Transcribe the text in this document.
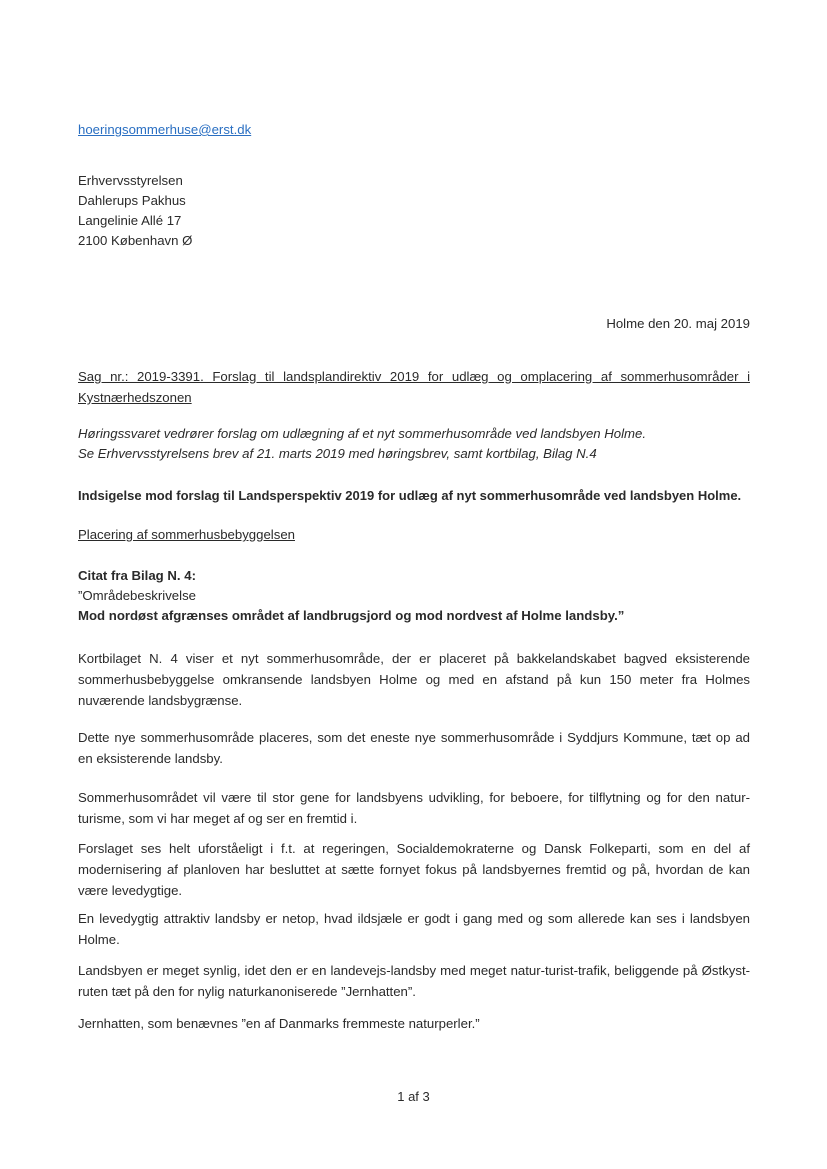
hoeringsommerhuse@erst.dk
Erhvervsstyrelsen
Dahlerups Pakhus
Langelinie Allé 17
2100 København Ø
Holme den 20. maj 2019
Sag nr.: 2019-3391. Forslag til landsplandirektiv 2019 for udlæg og omplacering af sommerhusområder i Kystnærhedszonen
Høringssvaret vedrører forslag om udlægning af et nyt sommerhusområde ved landsbyen Holme.
Se Erhvervsstyrelsens brev af 21. marts 2019 med høringsbrev, samt kortbilag, Bilag N.4
Indsigelse mod forslag til Landsperspektiv 2019 for udlæg af nyt sommerhusområde ved landsbyen Holme.
Placering af sommerhusbebyggelsen
Citat fra Bilag N. 4:
”Områdebeskrivelse
Mod nordøst afgrænses området af landbrugsjord og mod nordvest af Holme landsby.”
Kortbilaget N. 4 viser et nyt sommerhusområde, der er placeret på bakkelandskabet bagved eksisterende sommerhusbebyggelse omkransende landsbyen Holme og med en afstand på kun 150 meter fra Holmes nuværende landsbygrænse.
Dette nye sommerhusområde placeres, som det eneste nye sommerhusområde i Syddjurs Kommune, tæt op ad en eksisterende landsby.
Sommerhusområdet vil være til stor gene for landsbyens udvikling, for beboere, for tilflytning og for den natur-turisme, som vi har meget af og ser en fremtid i.
Forslaget ses helt uforståeligt i f.t. at regeringen, Socialdemokraterne og Dansk Folkeparti, som en del af modernisering af planloven har besluttet at sætte fornyet fokus på landsbyernes fremtid og på, hvordan de kan være levedygtige.
En levedygtig attraktiv landsby er netop, hvad ildsjæle er godt i gang med og som allerede kan ses i landsbyen Holme.
Landsbyen er meget synlig, idet den er en landevejs-landsby med meget natur-turist-trafik, beliggende på Østkyst-ruten tæt på den for nylig naturkanoniserede ”Jernhatten”.
Jernhatten, som benævnes ”en af Danmarks fremmeste naturperler.”
1 af 3
